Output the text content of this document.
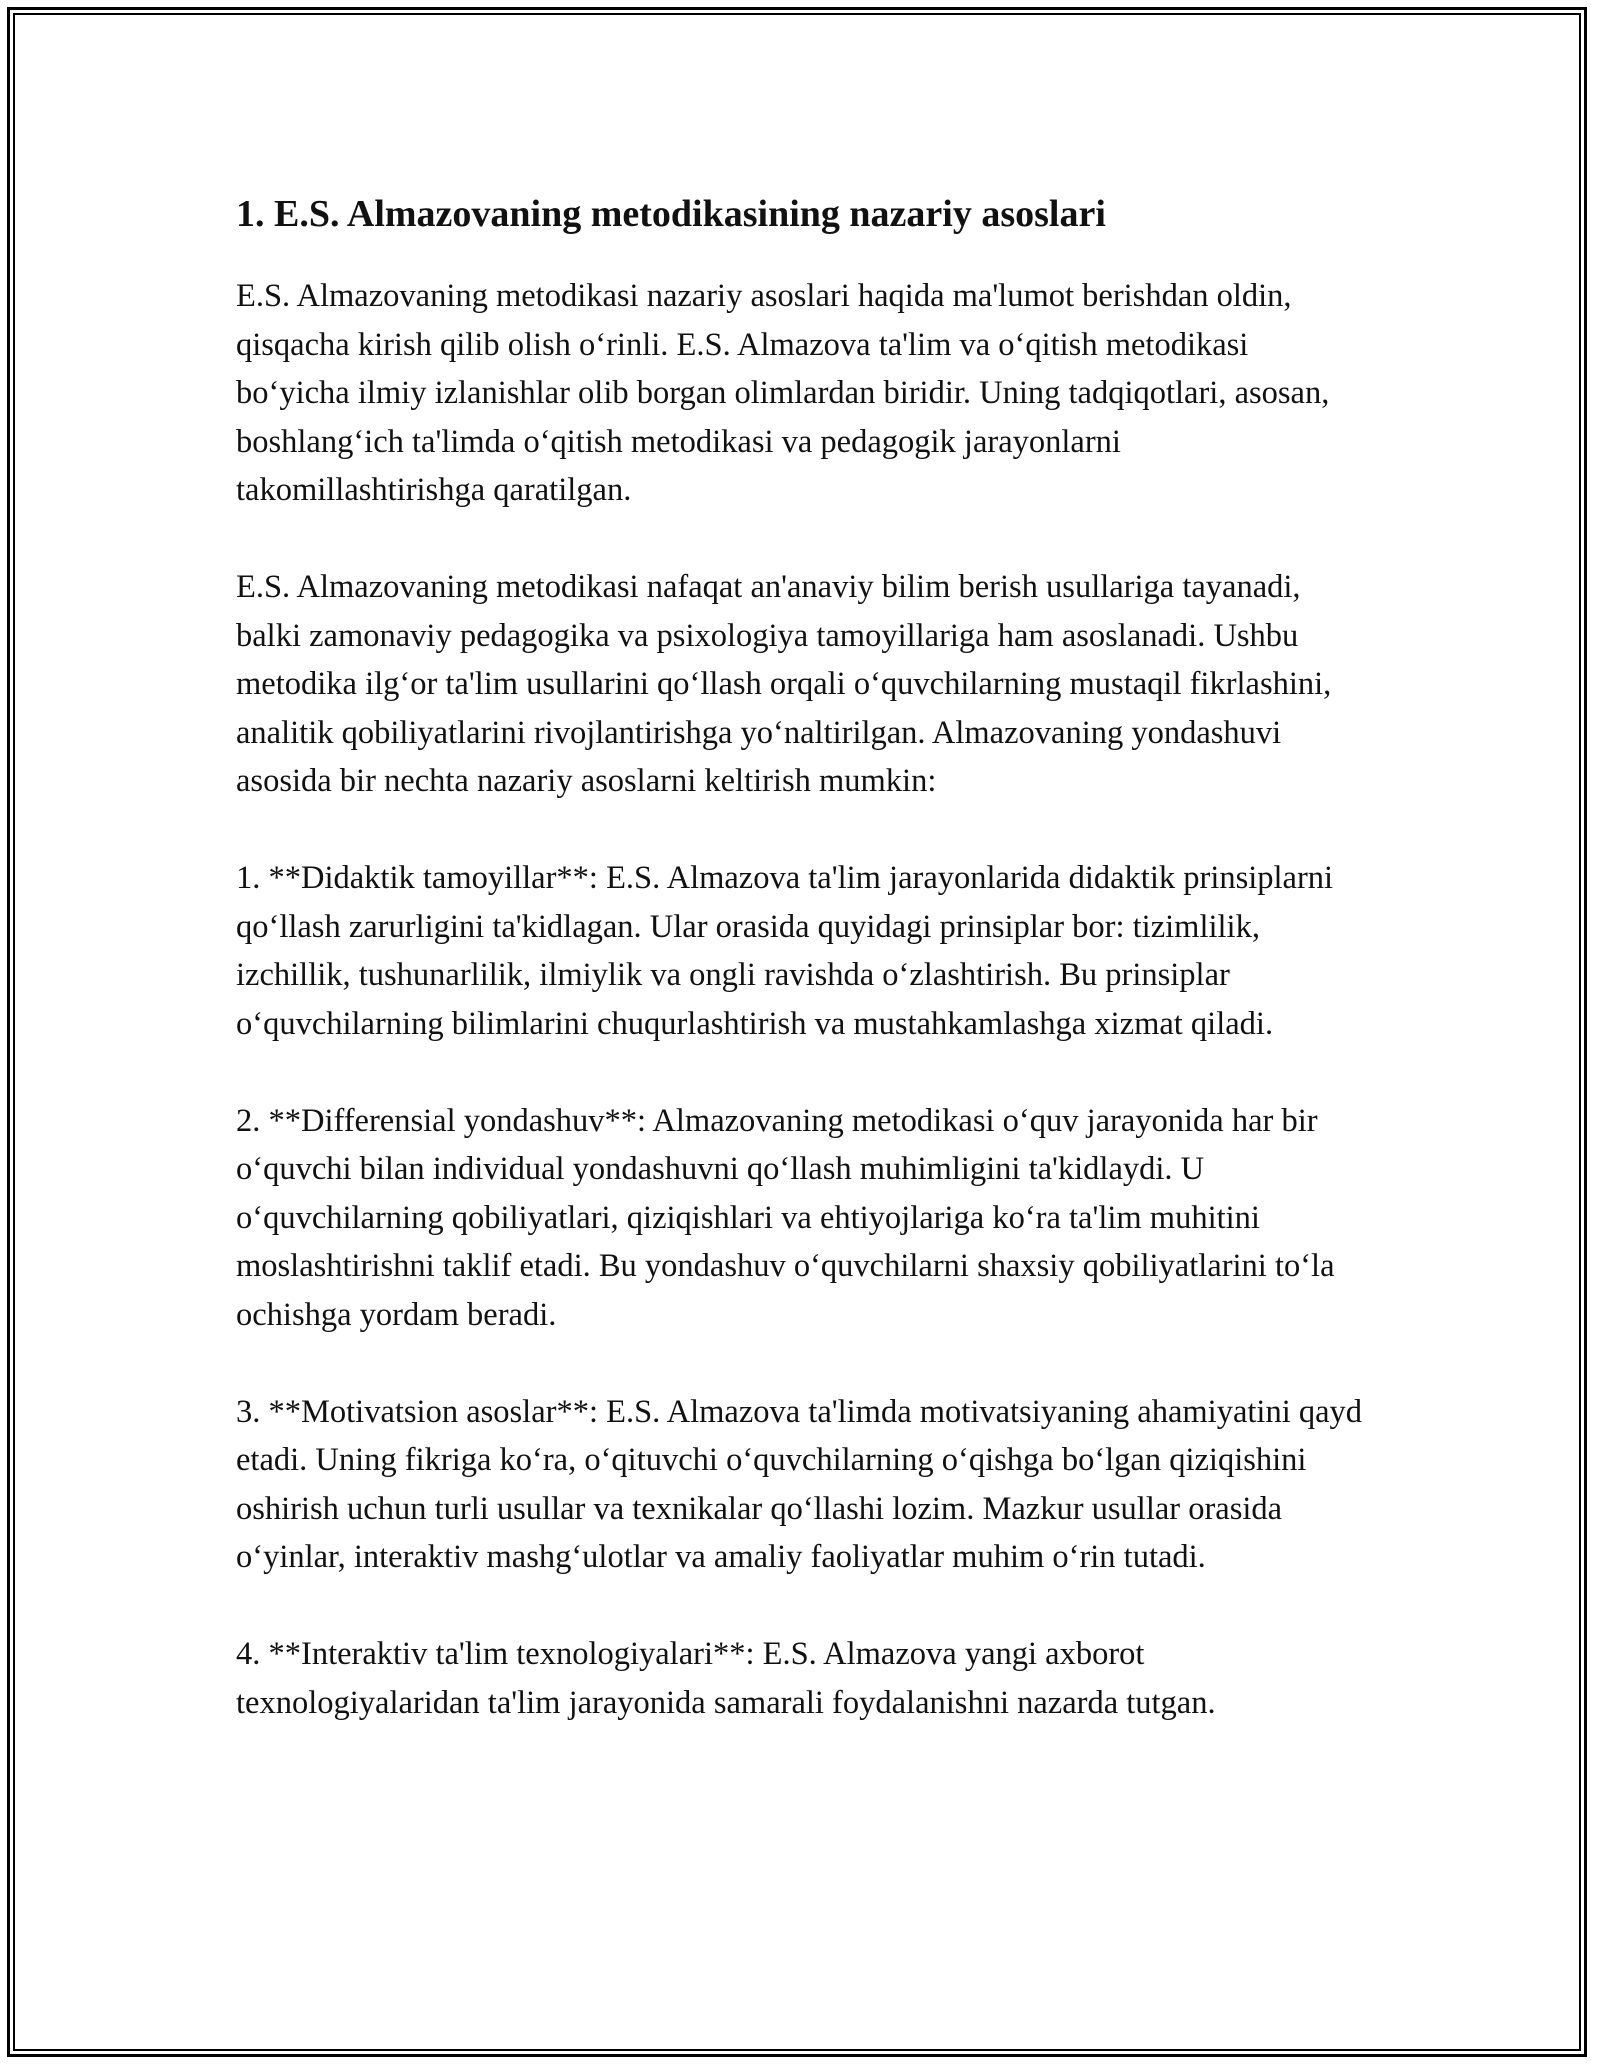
1. E.S. Almazovaning metodikasining nazariy asoslari

E.S. Almazovaning metodikasi nazariy asoslari haqida ma'lumot berishdan oldin, qisqacha kirish qilib olish o‘rinli. E.S. Almazova ta'lim va o‘qitish metodikasi bo‘yicha ilmiy izlanishlar olib borgan olimlardan biridir. Uning tadqiqotlari, asosan, boshlang‘ich ta'limda o‘qitish metodikasi va pedagogik jarayonlarni takomillashtirishga qaratilgan.

E.S. Almazovaning metodikasi nafaqat an'anaviy bilim berish usullariga tayanadi, balki zamonaviy pedagogika va psixologiya tamoyillariga ham asoslanadi. Ushbu metodika ilg‘or ta'lim usullarini qo‘llash orqali o‘quvchilarning mustaqil fikrlashini, analitik qobiliyatlarini rivojlantirishga yo‘naltirilgan. Almazovaning yondashuvi asosida bir nechta nazariy asoslarni keltirish mumkin:

1. **Didaktik tamoyillar**: E.S. Almazova ta'lim jarayonlarida didaktik prinsiplarni qo‘llash zarurligini ta'kidlagan. Ular orasida quyidagi prinsiplar bor: tizimlilik, izchillik, tushunarlilik, ilmiylik va ongli ravishda o‘zlashtirish. Bu prinsiplar o‘quvchilarning bilimlarini chuqurlashtirish va mustahkamlashga xizmat qiladi.

2. **Differensial yondashuv**: Almazovaning metodikasi o‘quv jarayonida har bir o‘quvchi bilan individual yondashuvni qo‘llash muhimligini ta'kidlaydi. U o‘quvchilarning qobiliyatlari, qiziqishlari va ehtiyojlariga ko‘ra ta'lim muhitini moslashtirishni taklif etadi. Bu yondashuv o‘quvchilarni shaxsiy qobiliyatlarini to‘la ochishga yordam beradi.

3. **Motivatsion asoslar**: E.S. Almazova ta'limda motivatsiyaning ahamiyatini qayd etadi. Uning fikriga ko‘ra, o‘qituvchi o‘quvchilarning o‘qishga bo‘lgan qiziqishini oshirish uchun turli usullar va texnikalar qo‘llashi lozim. Mazkur usullar orasida o‘yinlar, interaktiv mashg‘ulotlar va amaliy faoliyatlar muhim o‘rin tutadi.

4. **Interaktiv ta'lim texnologiyalari**: E.S. Almazova yangi axborot texnologiyalaridan ta'lim jarayonida samarali foydalanishni nazarda tutgan.
